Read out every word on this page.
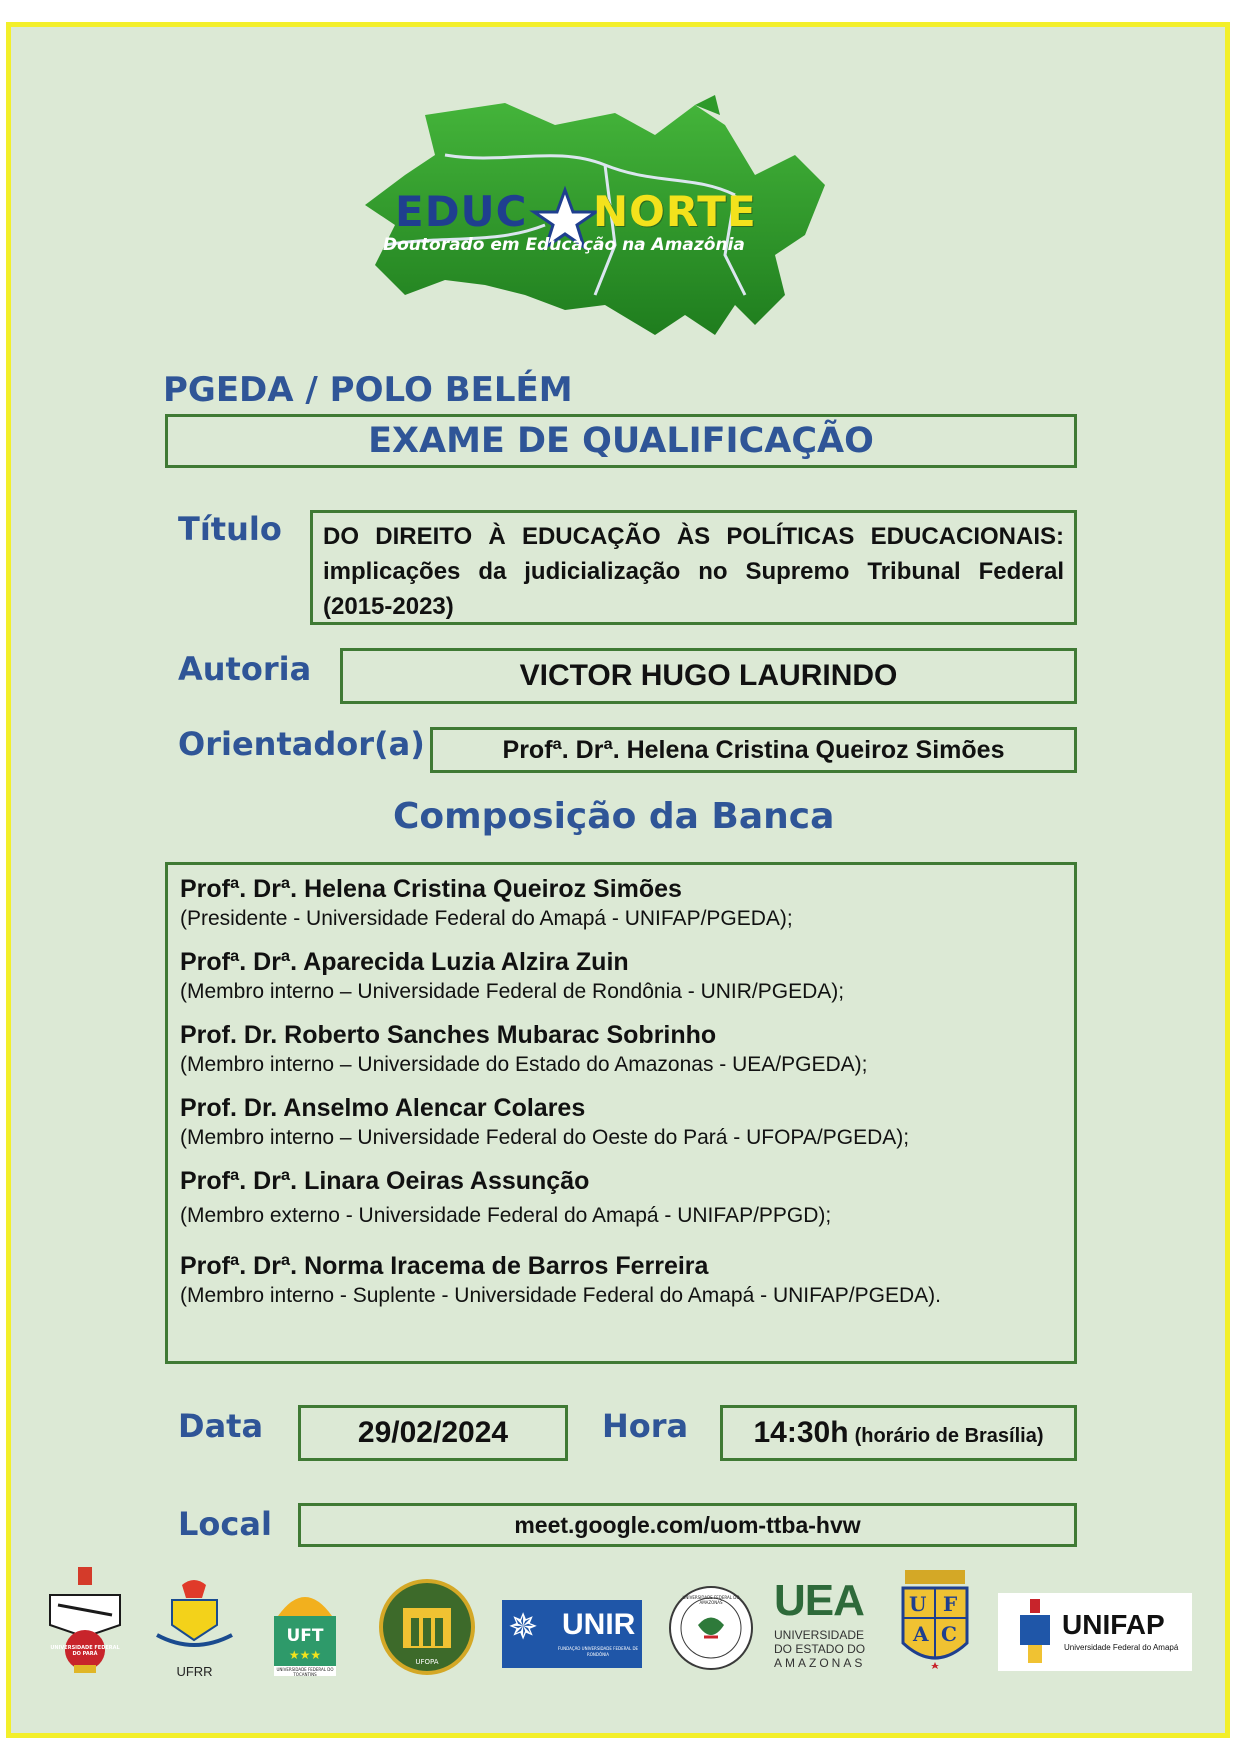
EDUC NORTE
Doutorado em Educação na Amazônia
PGEDA / POLO BELÉM
EXAME DE QUALIFICAÇÃO
Título DO DIREITO À EDUCAÇÃO ÀS POLÍTICAS EDUCACIONAIS: implicações da judicialização no Supremo Tribunal Federal (2015-2023)
Autoria	VICTOR HUGO LAURINDO
Orientador(a)	Profª. Drª. Helena Cristina Queiroz Simões
Composição da Banca
Profª. Drª. Helena Cristina Queiroz Simões
(Presidente - Universidade Federal do Amapá - UNIFAP/PGEDA);
Profª. Drª. Aparecida Luzia Alzira Zuin
(Membro interno – Universidade Federal de Rondônia - UNIR/PGEDA);
Prof. Dr. Roberto Sanches Mubarac Sobrinho
(Membro interno – Universidade do Estado do Amazonas - UEA/PGEDA);
Prof. Dr. Anselmo Alencar Colares
(Membro interno – Universidade Federal do Oeste do Pará - UFOPA/PGEDA);
Profª. Drª. Linara Oeiras Assunção
(Membro externo - Universidade Federal do Amapá - UNIFAP/PPGD);
Profª. Drª. Norma Iracema de Barros Ferreira
(Membro interno - Suplente - Universidade Federal do Amapá - UNIFAP/PGEDA).
Data	29/02/2024	Hora 14:30h (horário de Brasília)
Local	meet.google.com/uom-ttba-hvw
UNIVERSIDADE FEDERAL DO PARÁ
UFRR
UFT
★★★
UNIVERSIDADE FEDERAL DO TOCANTINS
UFOPA
✵ UNIR
FUNDAÇÃO UNIVERSIDADE FEDERAL DE RONDÔNIA
UNIVERSIDADE FEDERAL DO AMAZONAS	UEA
UNIVERSIDADE
DO ESTADO DO
AMAZONAS
U F
A C	UNIFAP
Universidade Federal do Amapá
